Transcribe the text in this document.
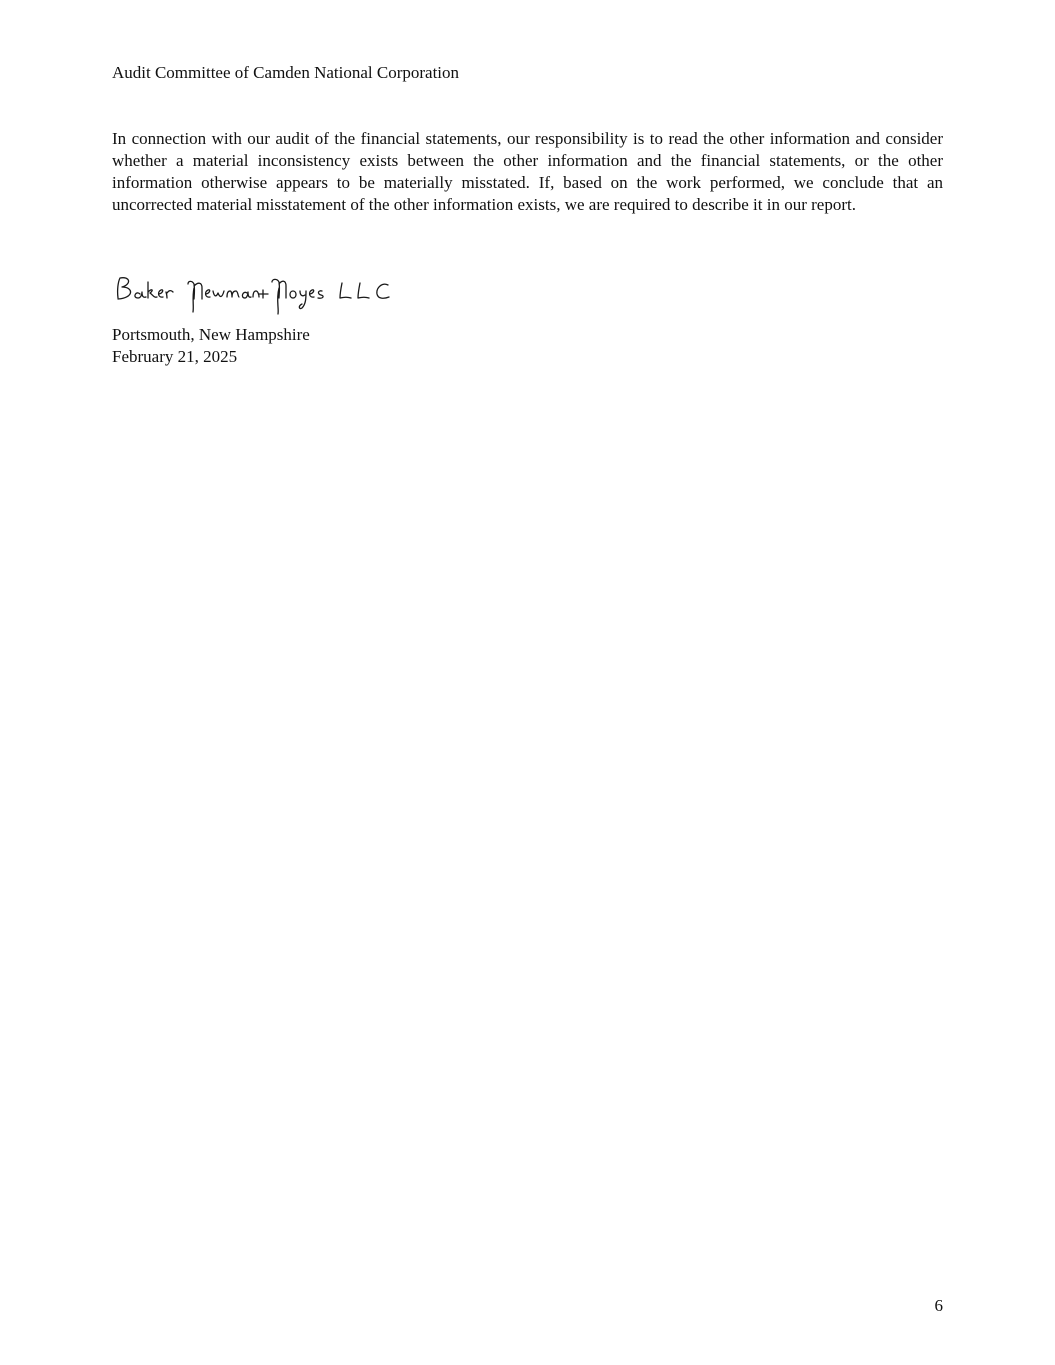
Audit Committee of Camden National Corporation

In connection with our audit of the financial statements, our responsibility is to read the other information and consider whether a material inconsistency exists between the other information and the financial statements, or the other information otherwise appears to be materially misstated. If, based on the work performed, we conclude that an uncorrected material misstatement of the other information exists, we are required to describe it in our report.

Portsmouth, New Hampshire
February 21, 2025
6
